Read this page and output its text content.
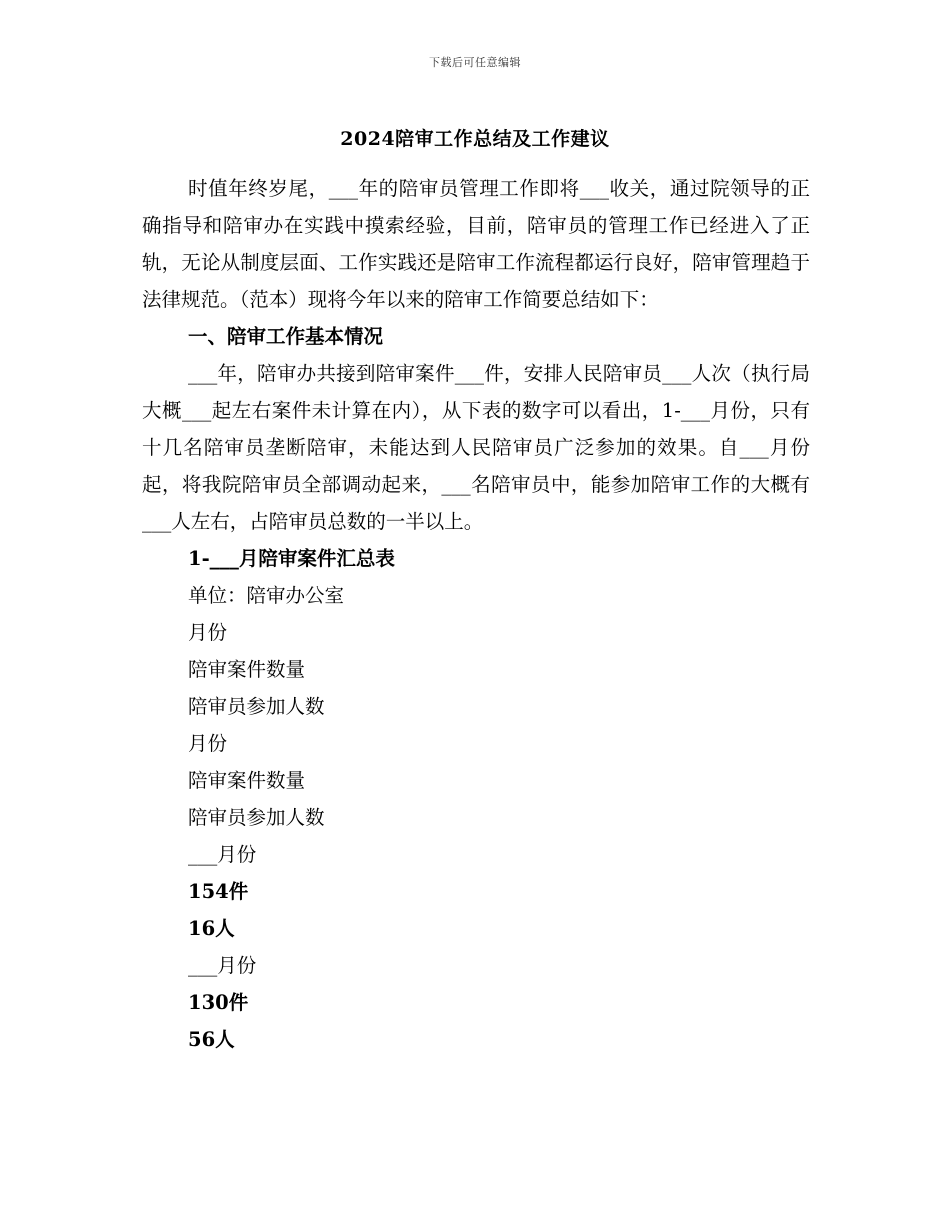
下载后可任意编辑
2024陪审工作总结及工作建议

时值年终岁尾，___年的陪审员管理工作即将___收关，通过院领导的正确指导和陪审办在实践中摸索经验，目前，陪审员的管理工作已经进入了正轨，无论从制度层面、工作实践还是陪审工作流程都运行良好，陪审管理趋于法律规范。（范本）现将今年以来的陪审工作简要总结如下：

一、陪审工作基本情况

___年，陪审办共接到陪审案件___件，安排人民陪审员___人次（执行局大概___起左右案件未计算在内），从下表的数字可以看出，1-___月份，只有十几名陪审员垄断陪审，未能达到人民陪审员广泛参加的效果。自___月份起，将我院陪审员全部调动起来，___名陪审员中，能参加陪审工作的大概有___人左右，占陪审员总数的一半以上。

1-___月陪审案件汇总表
单位：陪审办公室
月份
陪审案件数量
陪审员参加人数
月份
陪审案件数量
陪审员参加人数
___月份
154件
16人
___月份
130件
56人
